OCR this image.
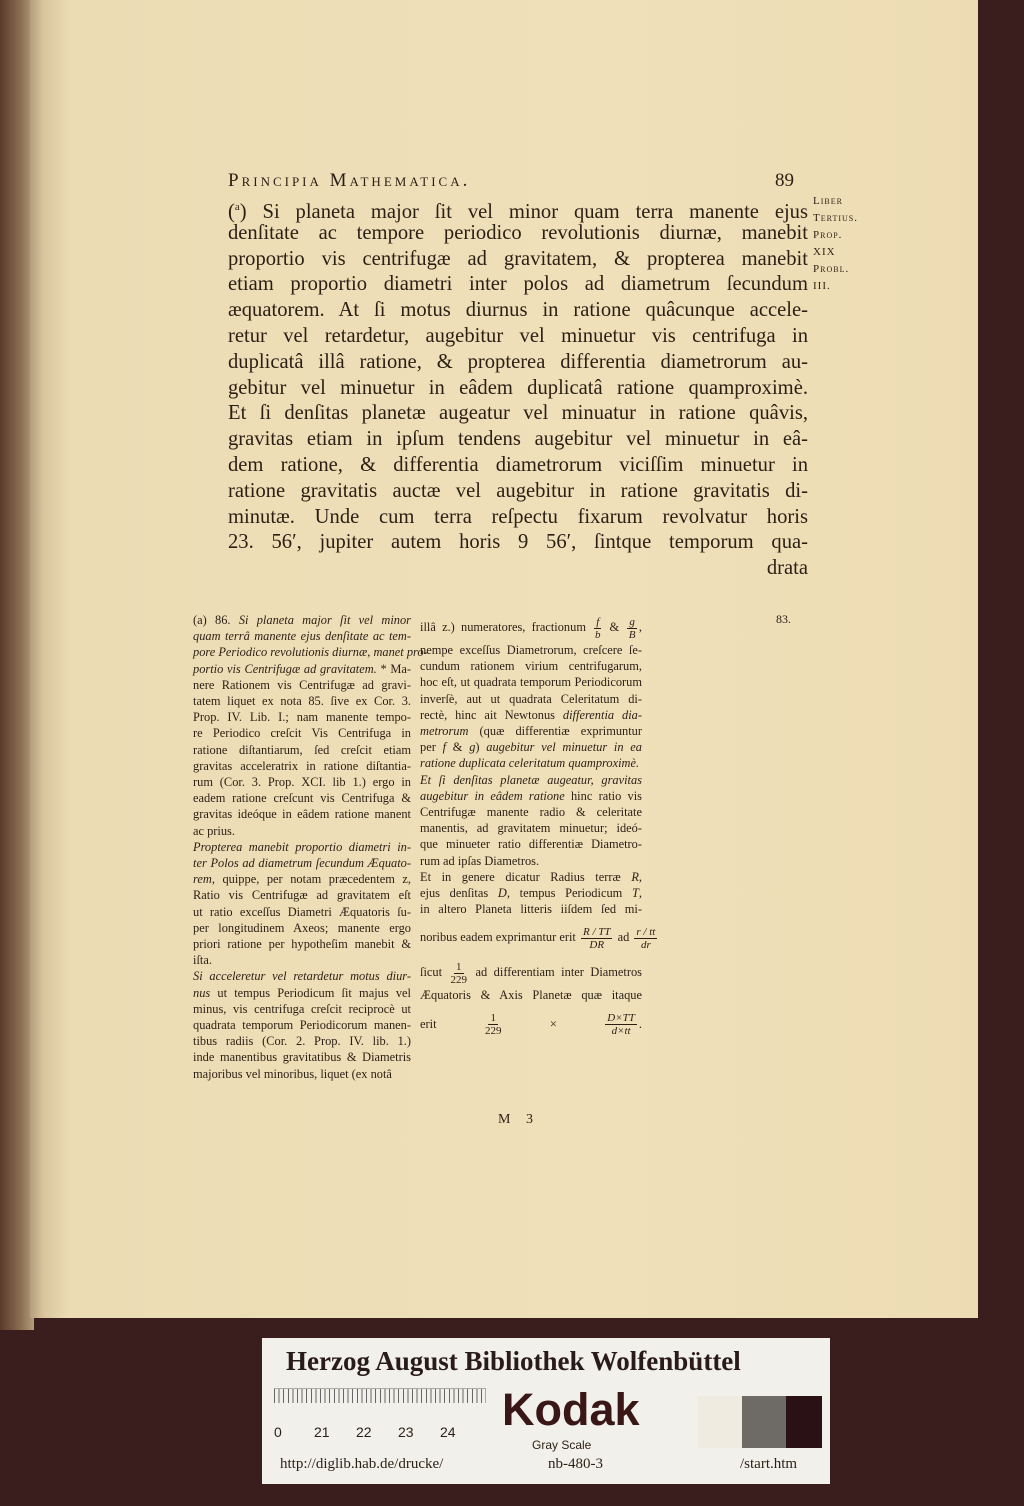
Principia Mathematica.	89
($^a$) Si planeta major ſit vel minor quam terra manente ejus
denſitate ac tempore periodico revolutionis diurnæ, manebit
proportio vis centrifugæ ad gravitatem, & propterea manebit
etiam proportio diametri inter polos ad diametrum ſecundum
æquatorem. At ſi motus diurnus in ratione quâcunque accele-
retur vel retardetur, augebitur vel minuetur vis centrifuga in
duplicatâ illâ ratione, & propterea differentia diametrorum au-
gebitur vel minuetur in eâdem duplicatâ ratione quamproximè.
Et ſi denſitas planetæ augeatur vel minuatur in ratione quâvis,
gravitas etiam in ipſum tendens augebitur vel minuetur in eâ-
dem ratione, & differentia diametrorum viciſſim minuetur in
ratione gravitatis auctæ vel augebitur in ratione gravitatis di-
minutæ. Unde cum terra reſpectu fixarum revolvatur horis
23. 56′, jupiter autem horis 9 56′, ſintque temporum qua-
drata
Liber
Tertius.
Prop.
XIX
Probl.
III.
(a) 86. Si planeta major ſit vel minor
quam terrâ manente ejus denſitate ac tem-
pore Periodico revolutionis diurnæ, manet pro-
portio vis Centrifugæ ad gravitatem. * Ma-
nere Rationem vis Centrifugæ ad gravi-
tatem liquet ex nota 85. ſive ex Cor. 3.
Prop. IV. Lib. I.; nam manente tempo-
re Periodico creſcit Vis Centrifuga in
ratione diſtantiarum, ſed creſcit etiam
gravitas acceleratrix in ratione diſtantia-
rum (Cor. 3. Prop. XCI. lib 1.) ergo in
eadem ratione creſcunt vis Centrifuga &
gravitas ideóque in eâdem ratione manent
ac prius.
Propterea manebit proportio diametri in-
ter Polos ad diametrum ſecundum Æquato-
rem, quippe, per notam præcedentem z,
Ratio vis Centrifugæ ad gravitatem eſt
ut ratio exceſſus Diametri Æquatoris ſu-
per longitudinem Axeos; manente ergo
priori ratione per hypotheſim manebit &
iſta.
Si acceleretur vel retardetur motus diur-
nus ut tempus Periodicum ſit majus vel
minus, vis centrifuga creſcit reciprocè ut
quadrata temporum Periodicorum manen-
tibus radiis (Cor. 2. Prop. IV. lib. 1.)
inde manentibus gravitatibus & Diametris
majoribus vel minoribus, liquet (ex notâ
illâ z.) numeratores, fractionum $\frac{f}{b}$ & $\frac{g}{B}$ ,
nempe exceſſus Diametrorum, creſcere ſe-
cundum rationem virium centrifugarum,
hoc eſt, ut quadrata temporum Periodicorum
inverſè, aut ut quadrata Celeritatum di-
rectè, hinc ait Newtonus differentia dia-
metrorum (quæ differentiæ exprimuntur
per f & g) augebitur vel minuetur in ea
ratione duplicata celeritatum quamproximè.
Et ſi denſitas planetæ augeatur, gravitas
augebitur in eâdem ratione hinc ratio vis
Centrifugæ manente radio & celeritate
manentis, ad gravitatem minuetur; ideó-
que minueter ratio differentiæ Diametro-
rum ad ipſas Diametros.
Et in genere dicatur Radius terræ R,
ejus denſitas D, tempus Periodicum T,
in altero Planeta litteris iiſdem ſed mi-
noribus eadem exprimantur erit $\frac{R / TT}{DR}$ ad $\frac{r / tt}{dr}$
ſicut $\frac{1}{229}$ ad differentiam inter Diametros
Æquatoris & Axis Planetæ quæ itaque
erit $\frac{1}{229} \times \frac{D\times TT}{d\times tt}$ .
83.
M 3
Herzog August Bibliothek Wolfenbüttel
0 21 22 23 24 Kodak
Gray Scale
http://diglib.hab.de/drucke/	nb-480-3	/start.htm
